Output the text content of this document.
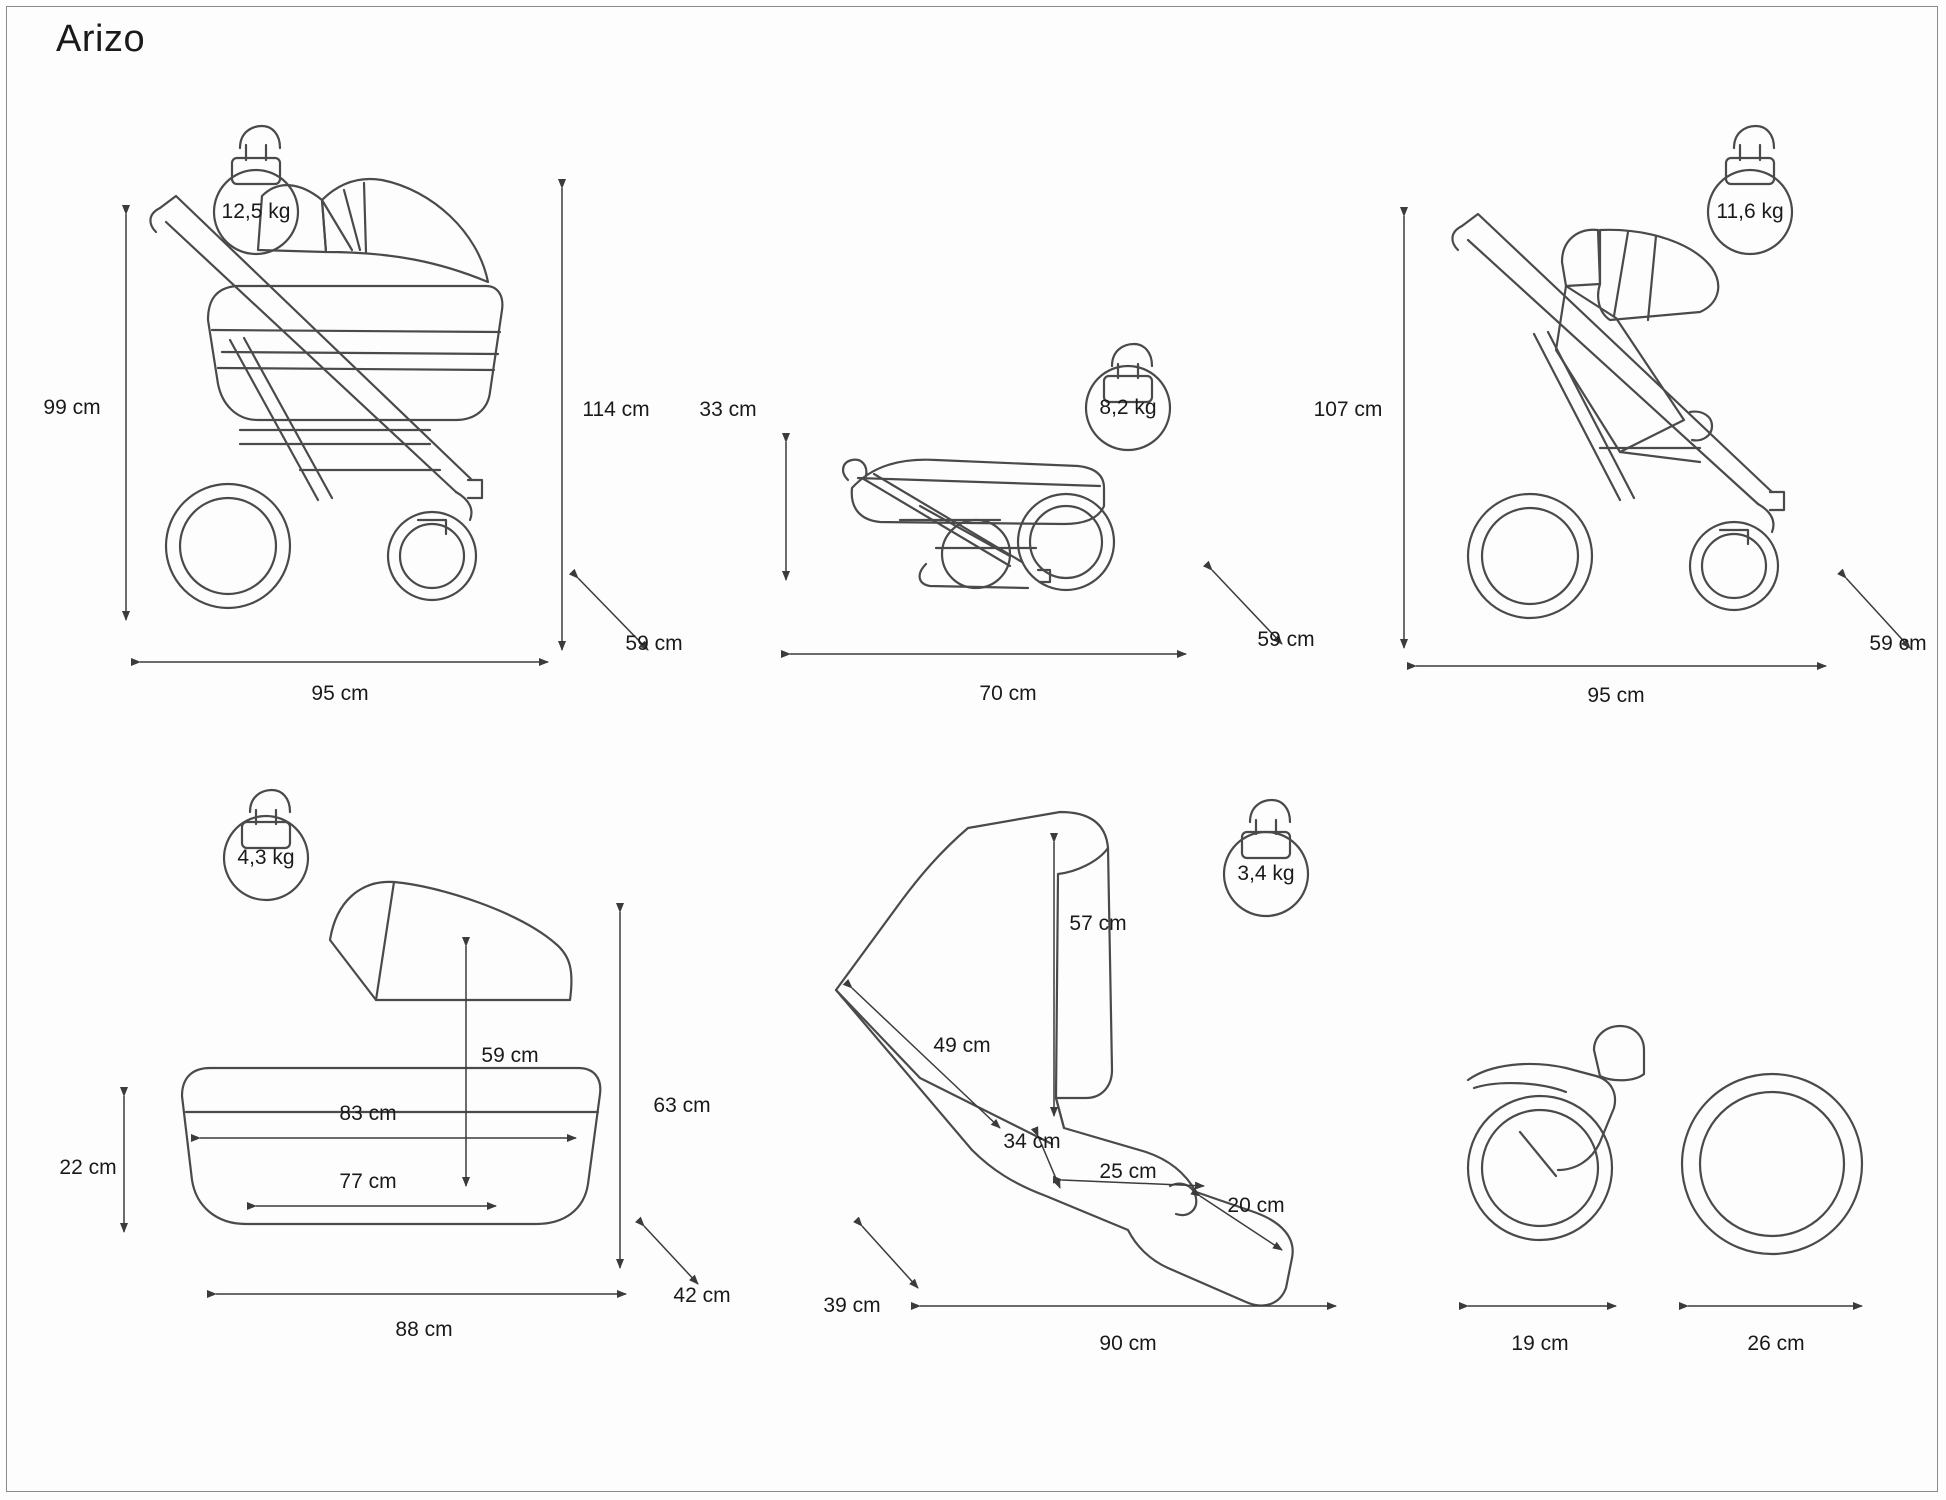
Arizo
12,5 kg
99 cm	114 cm
95 cm
59 cm
8,2 kg
33 cm
70 cm
59 cm
11,6 kg
107 cm
95 cm
59 cm
4,3 kg
59 cm
63 cm
83 cm
77 cm
22 cm
88 cm
42 cm
3,4 kg
57 cm
49 cm
34 cm
25 cm
20 cm
39 cm
90 cm	19 cm	26 cm
